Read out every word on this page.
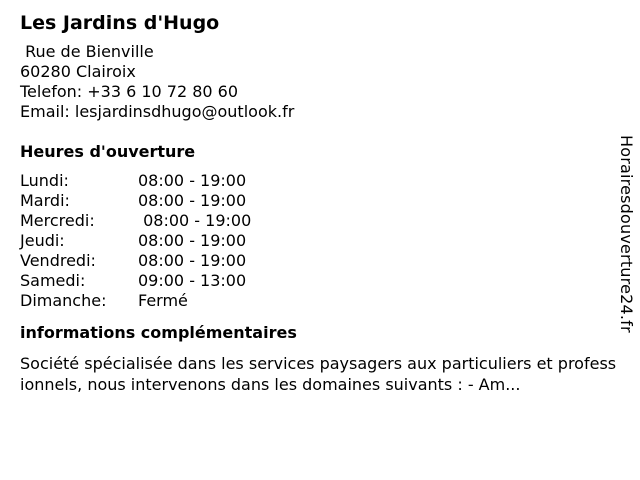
Les Jardins d'Hugo
Rue de Bienville
60280 Clairoix
Telefon: +33 6 10 72 80 60
Email: lesjardinsdhugo@outlook.fr
Heures d'ouverture
Lundi:	08:00 - 19:00
Mardi:	08:00 - 19:00
Mercredi:	08:00 - 19:00
Jeudi:	08:00 - 19:00
Vendredi:	08:00 - 19:00
Samedi:	09:00 - 13:00
Dimanche:	Fermé
informations complémentaires
Société spécialisée dans les services paysagers aux particuliers et professionnels, nous intervenons dans les domaines suivants : - Am...
Horairesdouverture24.fr
